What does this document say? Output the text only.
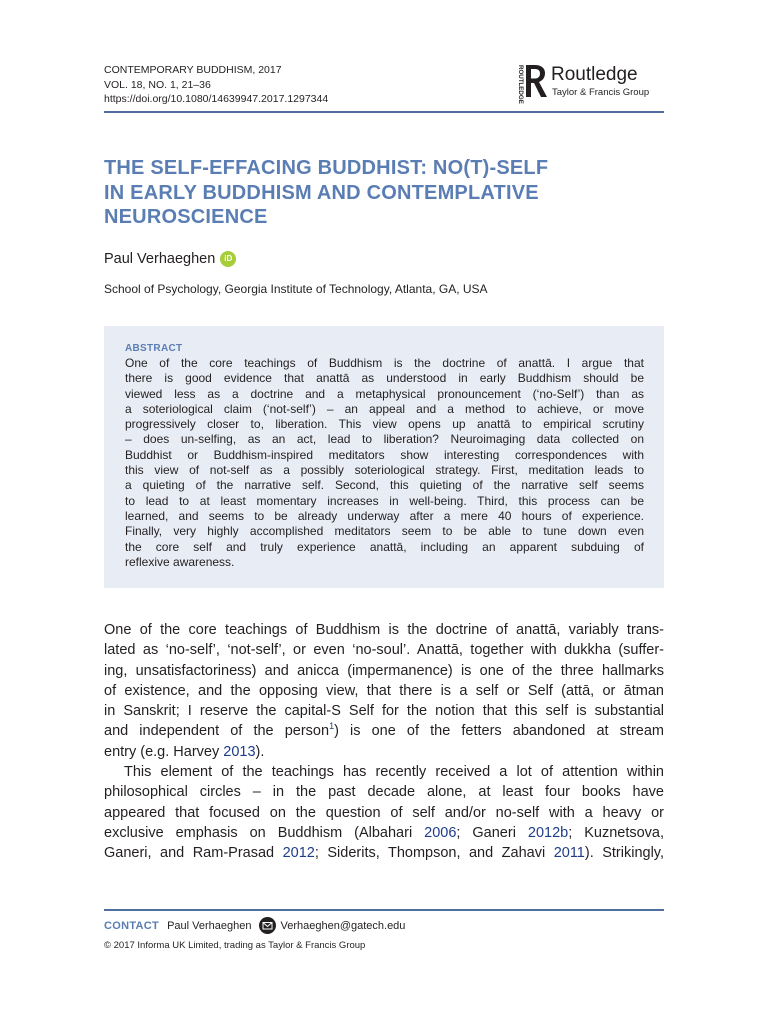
CONTEMPORARY BUDDHISM, 2017
VOL. 18, NO. 1, 21–36
https://doi.org/10.1080/14639947.2017.1297344	ROUTLEDGE Routledge
Taylor & Francis Group
THE SELF-EFFACING BUDDHIST: NO(T)-SELF
IN EARLY BUDDHISM AND CONTEMPLATIVE
NEUROSCIENCE
Paul Verhaeghen iD
School of Psychology, Georgia Institute of Technology, Atlanta, GA, USA
ABSTRACT
One of the core teachings of Buddhism is the doctrine of anattā. I argue that
there is good evidence that anattā as understood in early Buddhism should be
viewed less as a doctrine and a metaphysical pronouncement (‘no-Self’) than as
a soteriological claim (‘not-self’) – an appeal and a method to achieve, or move
progressively closer to, liberation. This view opens up anattā to empirical scrutiny
– does un-selfing, as an act, lead to liberation? Neuroimaging data collected on
Buddhist or Buddhism-inspired meditators show interesting correspondences with
this view of not-self as a possibly soteriological strategy. First, meditation leads to
a quieting of the narrative self. Second, this quieting of the narrative self seems
to lead to at least momentary increases in well-being. Third, this process can be
learned, and seems to be already underway after a mere 40 hours of experience.
Finally, very highly accomplished meditators seem to be able to tune down even
the core self and truly experience anattā, including an apparent subduing of
reflexive awareness.
One of the core teachings of Buddhism is the doctrine of anattā, variably trans-
lated as ‘no-self’, ‘not-self’, or even ‘no-soul’. Anattā, together with dukkha (suffer-
ing, unsatisfactoriness) and anicca (impermanence) is one of the three hallmarks
of existence, and the opposing view, that there is a self or Self (attā, or ātman
in Sanskrit; I reserve the capital-S Self for the notion that this self is substantial
and independent of the person$^1$) is one of the fetters abandoned at stream
entry (e.g. Harvey 2013).
This element of the teachings has recently received a lot of attention within
philosophical circles – in the past decade alone, at least four books have
appeared that focused on the question of self and/or no-self with a heavy or
exclusive emphasis on Buddhism (Albahari 2006; Ganeri 2012b; Kuznetsova,
Ganeri, and Ram-Prasad 2012; Siderits, Thompson, and Zahavi 2011). Strikingly,
CONTACT Paul Verhaeghen	Verhaeghen@gatech.edu
© 2017 Informa UK Limited, trading as Taylor & Francis Group
